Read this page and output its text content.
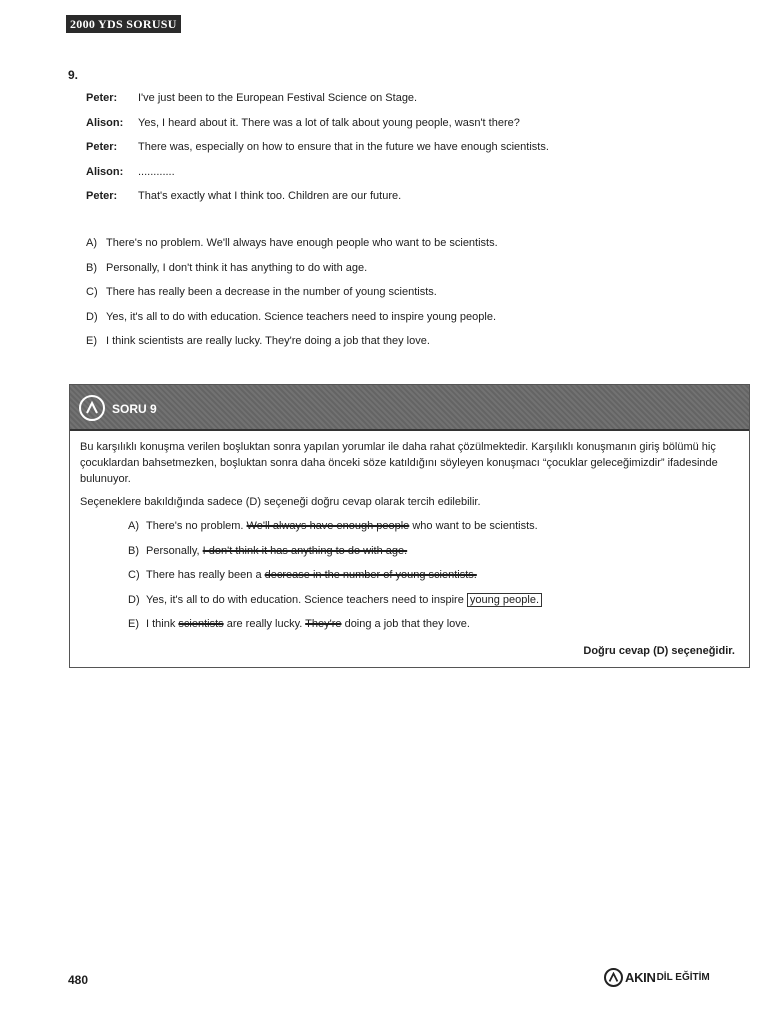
2000 YDS SORUSU
9.
Peter:	I've just been to the European Festival Science on Stage.
Alison:	Yes, I heard about it. There was a lot of talk about young people, wasn't there?
Peter:	There was, especially on how to ensure that in the future we have enough scientists.
Alison:	............
Peter:	That's exactly what I think too. Children are our future.
A) There's no problem. We'll always have enough people who want to be scientists.
B) Personally, I don't think it has anything to do with age.
C) There has really been a decrease in the number of young scientists.
D) Yes, it's all to do with education. Science teachers need to inspire young people.
E) I think scientists are really lucky. They're doing a job that they love.
SORU 9

Bu karşılıklı konuşma verilen boşluktan sonra yapılan yorumlar ile daha rahat çözülmektedir. Karşılıklı konuşmanın giriş bölümü hiç çocuklardan bahsetmezken, boşluktan sonra daha önceki söze katıldığını söyleyen konuşmacı “çocuklar geleceğimizdir” ifadesinde bulunuyor.

Seçeneklere bakıldığında sadece (D) seçeneği doğru cevap olarak tercih edilebilir.

A) There's no problem. We'll always have enough people who want to be scientists.
B) Personally, I don't think it has anything to do with age.
C) There has really been a decrease in the number of young scientists.
D) Yes, it's all to do with education. Science teachers need to inspire young people.
E) I think scientists are really lucky. They're doing a job that they love.
Doğru cevap (D) seçeneğidir.
480	AKIN DİL EĞİTİM
